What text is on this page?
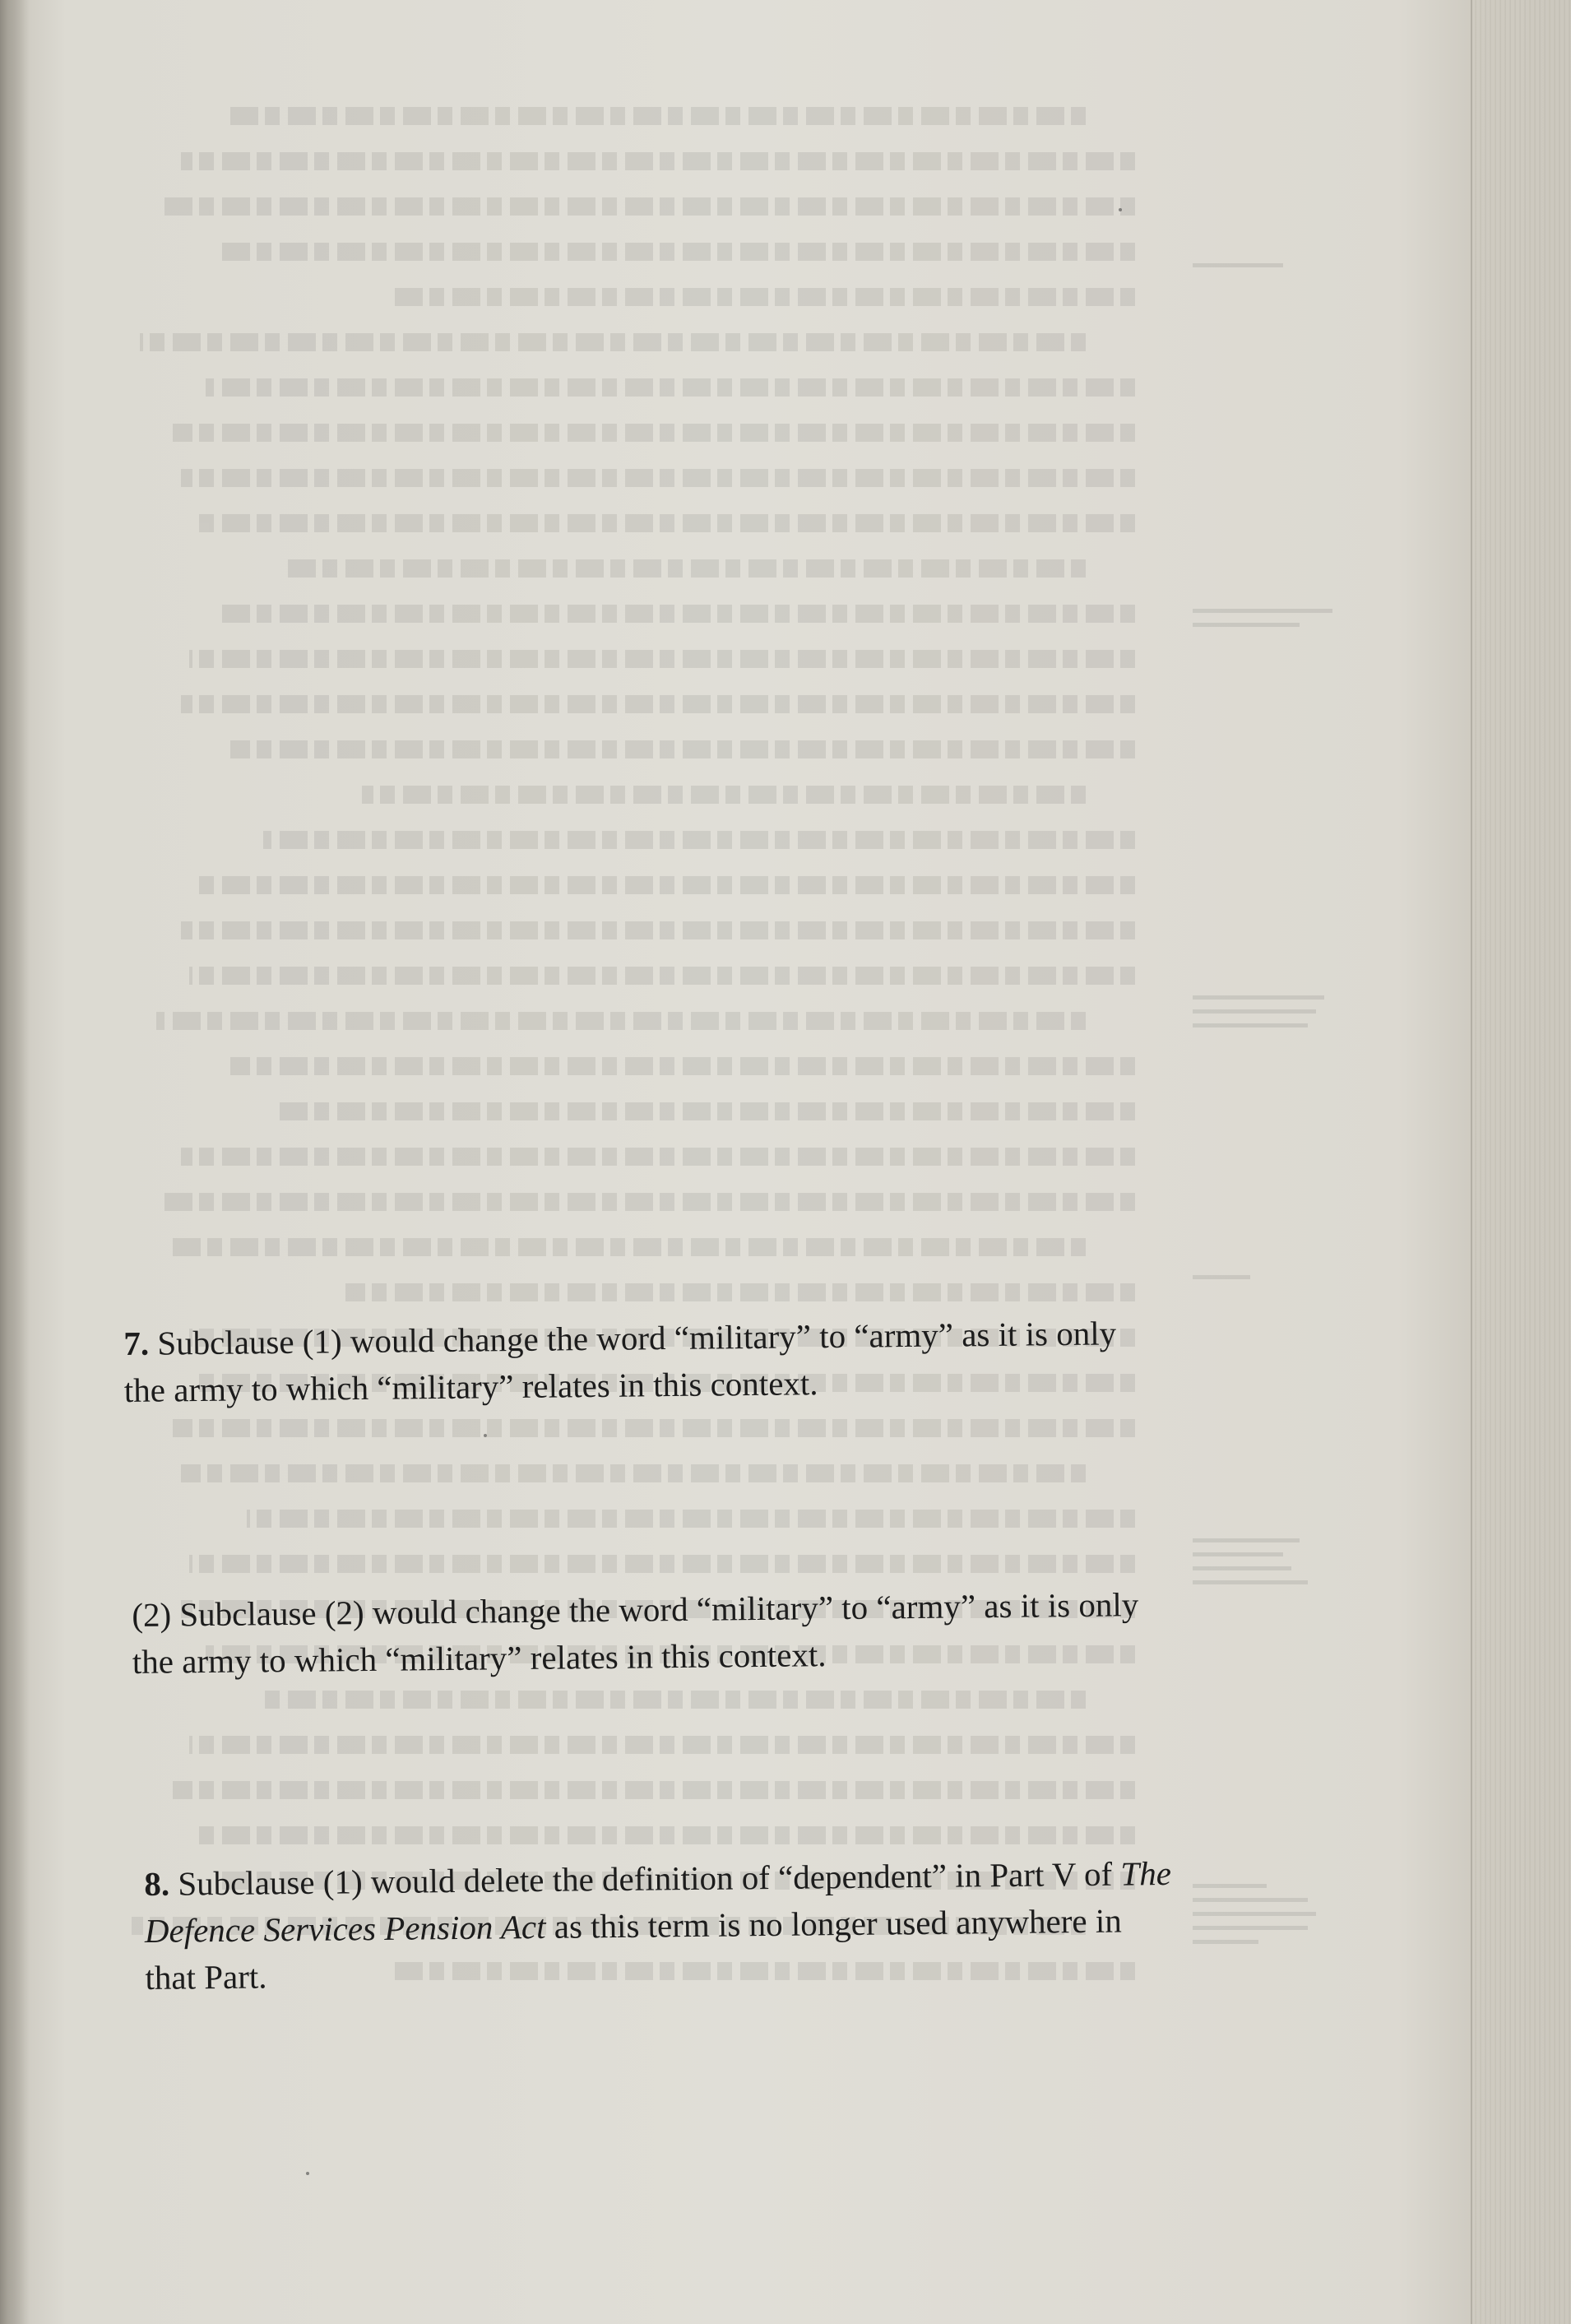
7. Subclause (1) would change the word “military” to “army” as it is only the army to which “military” relates in this context.

(2) Subclause (2) would change the word “military” to “army” as it is only the army to which “military” relates in this context.

8. Subclause (1) would delete the definition of “dependent” in Part V of The Defence Services Pension Act as this term is no longer used anywhere in that Part.
